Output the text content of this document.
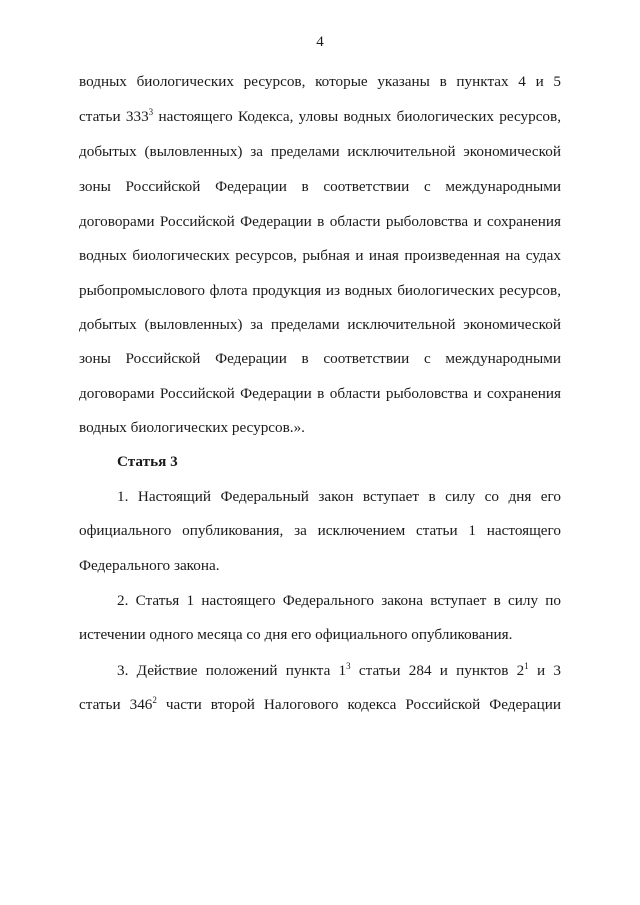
4
водных биологических ресурсов, которые указаны в пунктах 4 и 5
статьи $333^3$ настоящего Кодекса, уловы водных биологических ресурсов,
добытых (выловленных) за пределами исключительной экономической
зоны Российской Федерации в соответствии с международными
договорами Российской Федерации в области рыболовства и сохранения
водных биологических ресурсов, рыбная и иная произведенная на судах
рыбопромыслового флота продукция из водных биологических ресурсов,
добытых (выловленных) за пределами исключительной экономической
зоны Российской Федерации в соответствии с международными
договорами Российской Федерации в области рыболовства и сохранения
водных биологических ресурсов.».
Статья 3
1. Настоящий Федеральный закон вступает в силу со дня его
официального опубликования, за исключением статьи 1 настоящего
Федерального закона.
2. Статья 1 настоящего Федерального закона вступает в силу по
истечении одного месяца со дня его официального опубликования.
3. Действие положений пункта $1^3$ статьи 284 и пунктов $2^1$ и 3
статьи $346^2$ части второй Налогового кодекса Российской Федерации
